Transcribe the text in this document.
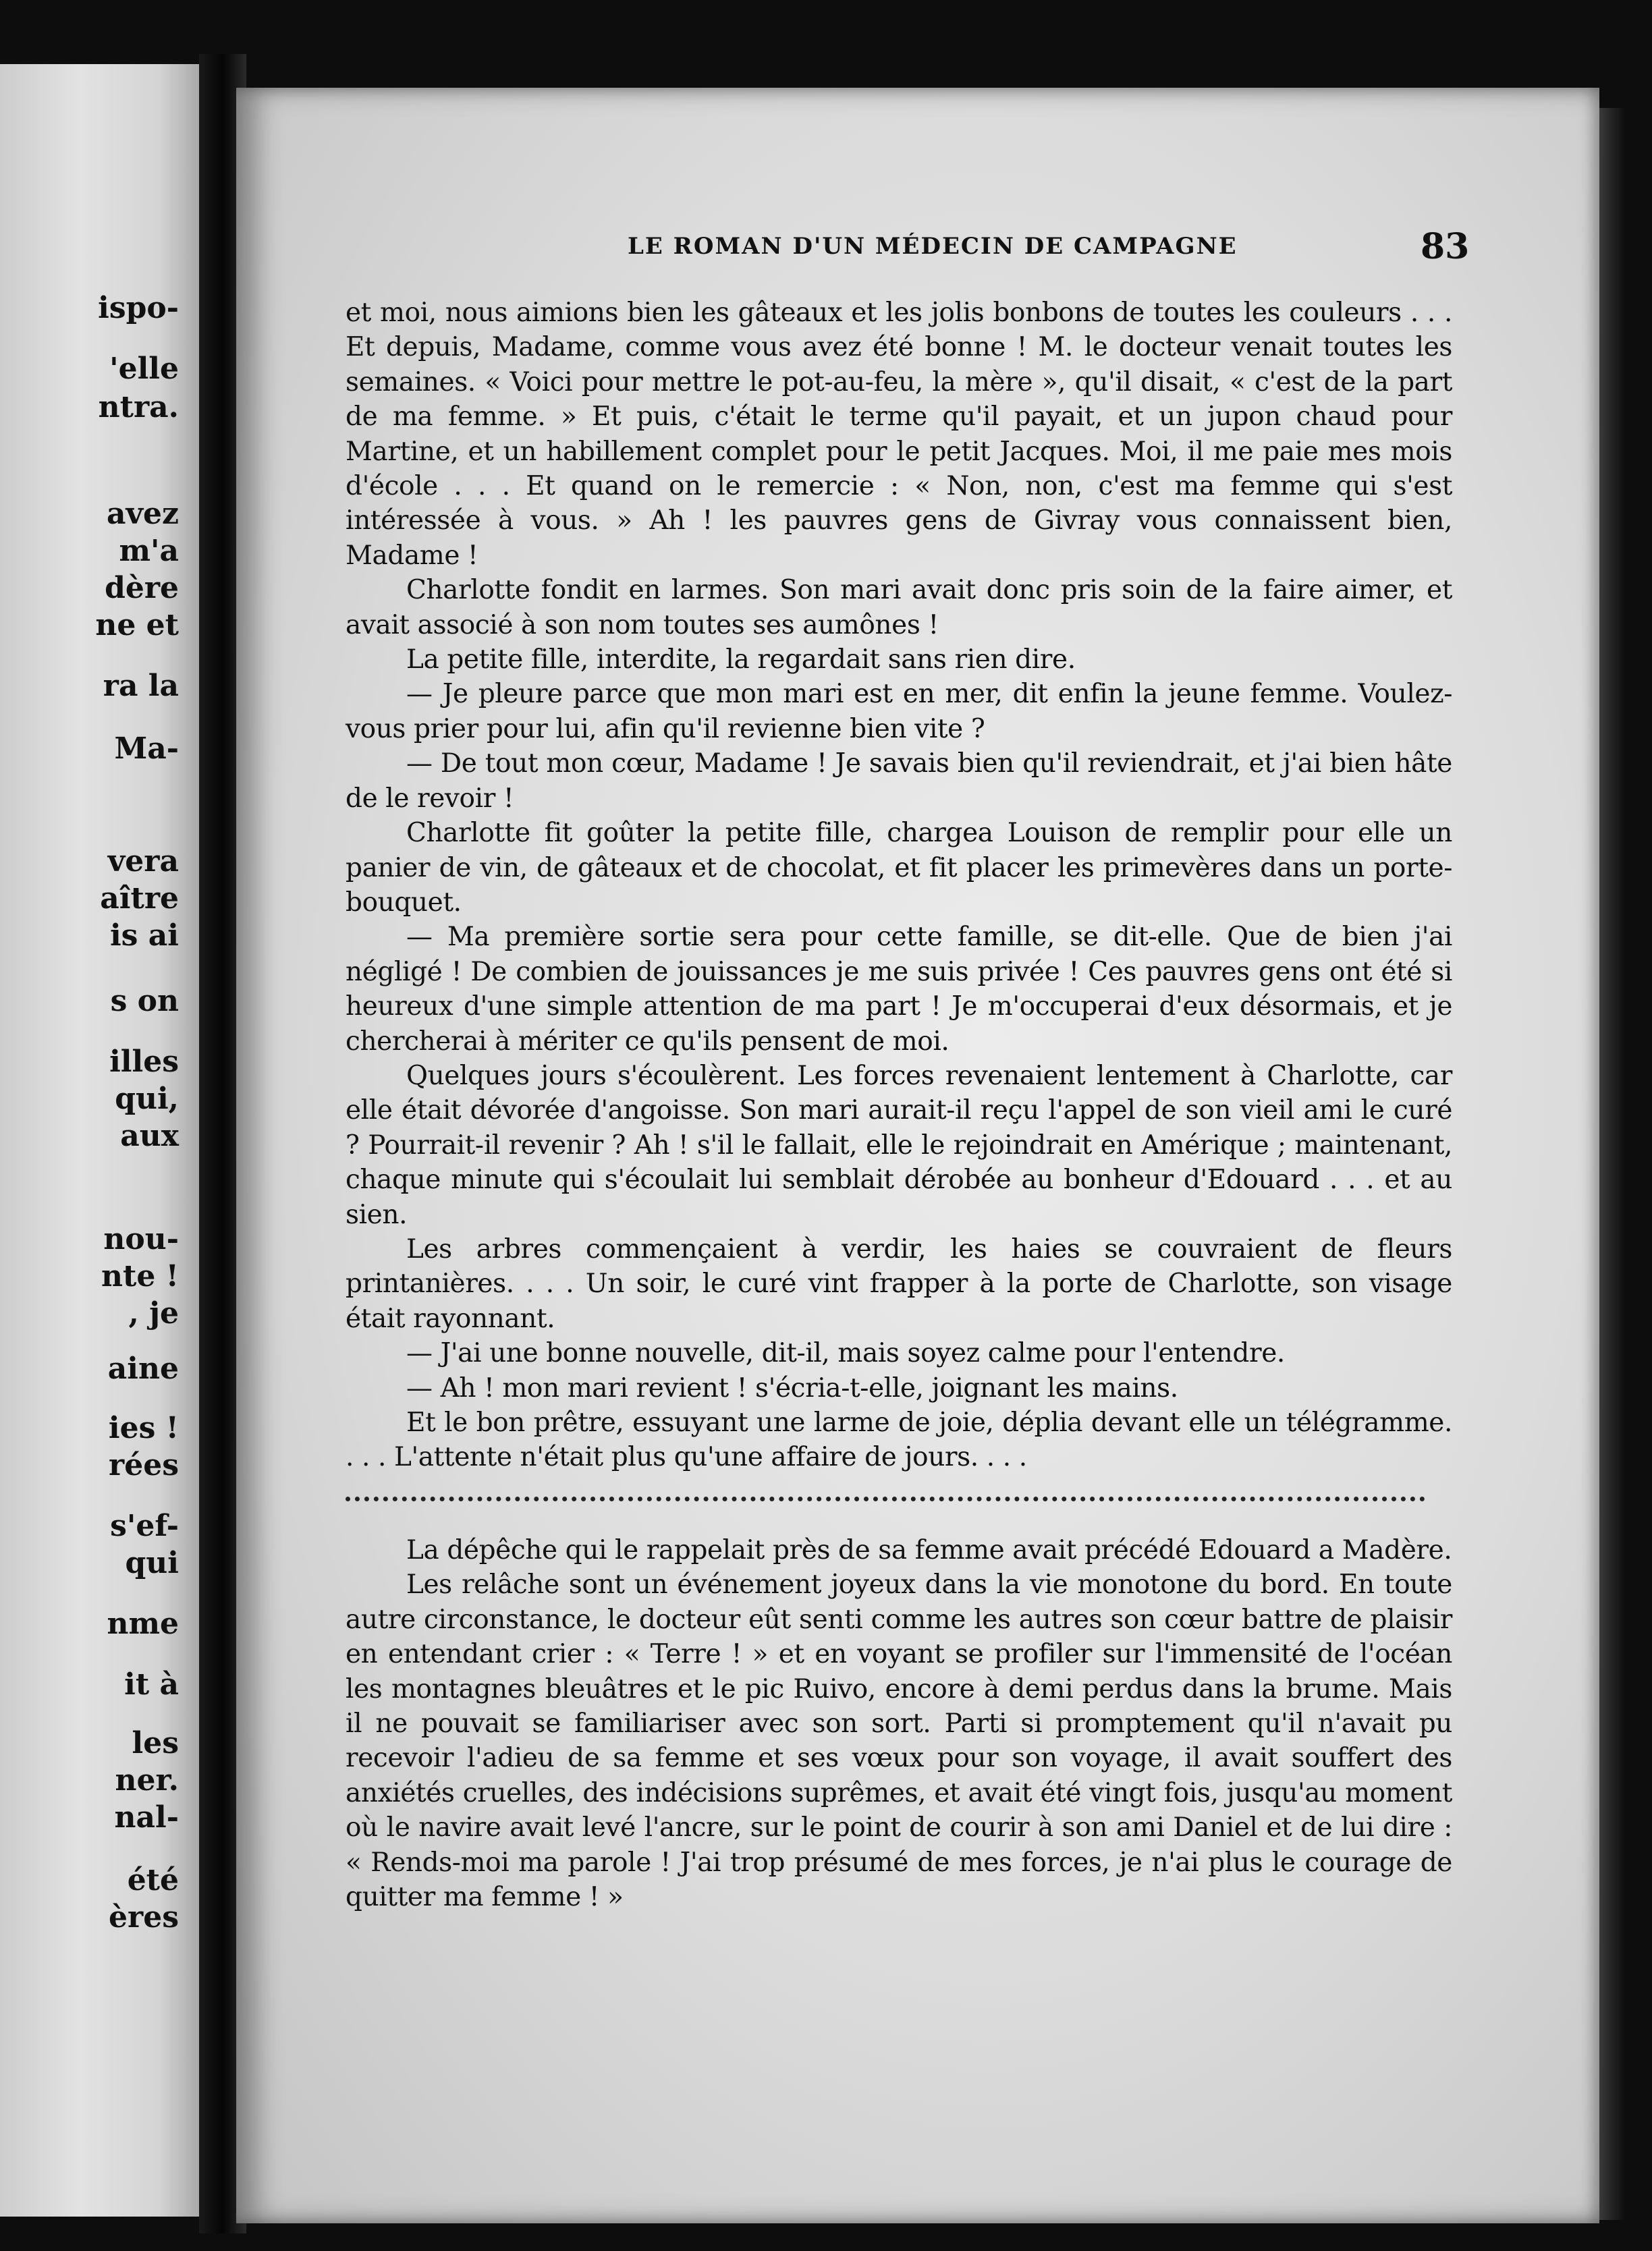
ispo-

'elle

ntra.

avez

m'a

dère

ne et

ra la

Ma-

vera

aître

is ai

s on

illes

qui,

aux

nou-

nte !

, je

aine

ies !

rées

s'ef-

qui

nme

it à

les

ner.

nal-

été

ères

LE ROMAN D'UN MÉDECIN DE CAMPAGNE	83

et moi, nous aimions bien les gâteaux et les jolis bonbons de toutes les couleurs . . . Et depuis, Madame, comme vous avez été bonne ! M. le docteur venait toutes les semaines. « Voici pour mettre le pot-au-feu, la mère », qu'il disait, « c'est de la part de ma femme. » Et puis, c'était le terme qu'il payait, et un jupon chaud pour Martine, et un habillement complet pour le petit Jacques. Moi, il me paie mes mois d'école . . . Et quand on le remercie : « Non, non, c'est ma femme qui s'est intéressée à vous. » Ah ! les pauvres gens de Givray vous connaissent bien, Madame !

Charlotte fondit en larmes. Son mari avait donc pris soin de la faire aimer, et avait associé à son nom toutes ses aumônes !

La petite fille, interdite, la regardait sans rien dire.

— Je pleure parce que mon mari est en mer, dit enfin la jeune femme. Voulez-vous prier pour lui, afin qu'il revienne bien vite ?

— De tout mon cœur, Madame ! Je savais bien qu'il reviendrait, et j'ai bien hâte de le revoir !

Charlotte fit goûter la petite fille, chargea Louison de remplir pour elle un panier de vin, de gâteaux et de chocolat, et fit placer les primevères dans un porte-bouquet.

— Ma première sortie sera pour cette famille, se dit-elle. Que de bien j'ai négligé ! De combien de jouissances je me suis privée ! Ces pauvres gens ont été si heureux d'une simple attention de ma part ! Je m'occuperai d'eux désormais, et je chercherai à mériter ce qu'ils pensent de moi.

Quelques jours s'écoulèrent. Les forces revenaient lentement à Charlotte, car elle était dévorée d'angoisse. Son mari aurait-il reçu l'appel de son vieil ami le curé ? Pourrait-il revenir ? Ah ! s'il le fallait, elle le rejoindrait en Amérique ; maintenant, chaque minute qui s'écoulait lui semblait dérobée au bonheur d'Edouard . . . et au sien.

Les arbres commençaient à verdir, les haies se couvraient de fleurs printanières. . . . Un soir, le curé vint frapper à la porte de Charlotte, son visage était rayonnant.

— J'ai une bonne nouvelle, dit-il, mais soyez calme pour l'entendre.

— Ah ! mon mari revient ! s'écria-t-elle, joignant les mains.

Et le bon prêtre, essuyant une larme de joie, déplia devant elle un télégramme. . . . L'attente n'était plus qu'une affaire de jours. . . .

La dépêche qui le rappelait près de sa femme avait précédé Edouard a Madère.

Les relâche sont un événement joyeux dans la vie monotone du bord. En toute autre circonstance, le docteur eût senti comme les autres son cœur battre de plaisir en entendant crier : « Terre ! » et en voyant se profiler sur l'immensité de l'océan les montagnes bleuâtres et le pic Ruivo, encore à demi perdus dans la brume. Mais il ne pouvait se familiariser avec son sort. Parti si promptement qu'il n'avait pu recevoir l'adieu de sa femme et ses vœux pour son voyage, il avait souffert des anxiétés cruelles, des indécisions suprêmes, et avait été vingt fois, jusqu'au moment où le navire avait levé l'ancre, sur le point de courir à son ami Daniel et de lui dire : « Rends-moi ma parole ! J'ai trop présumé de mes forces, je n'ai plus le courage de quitter ma femme ! »
